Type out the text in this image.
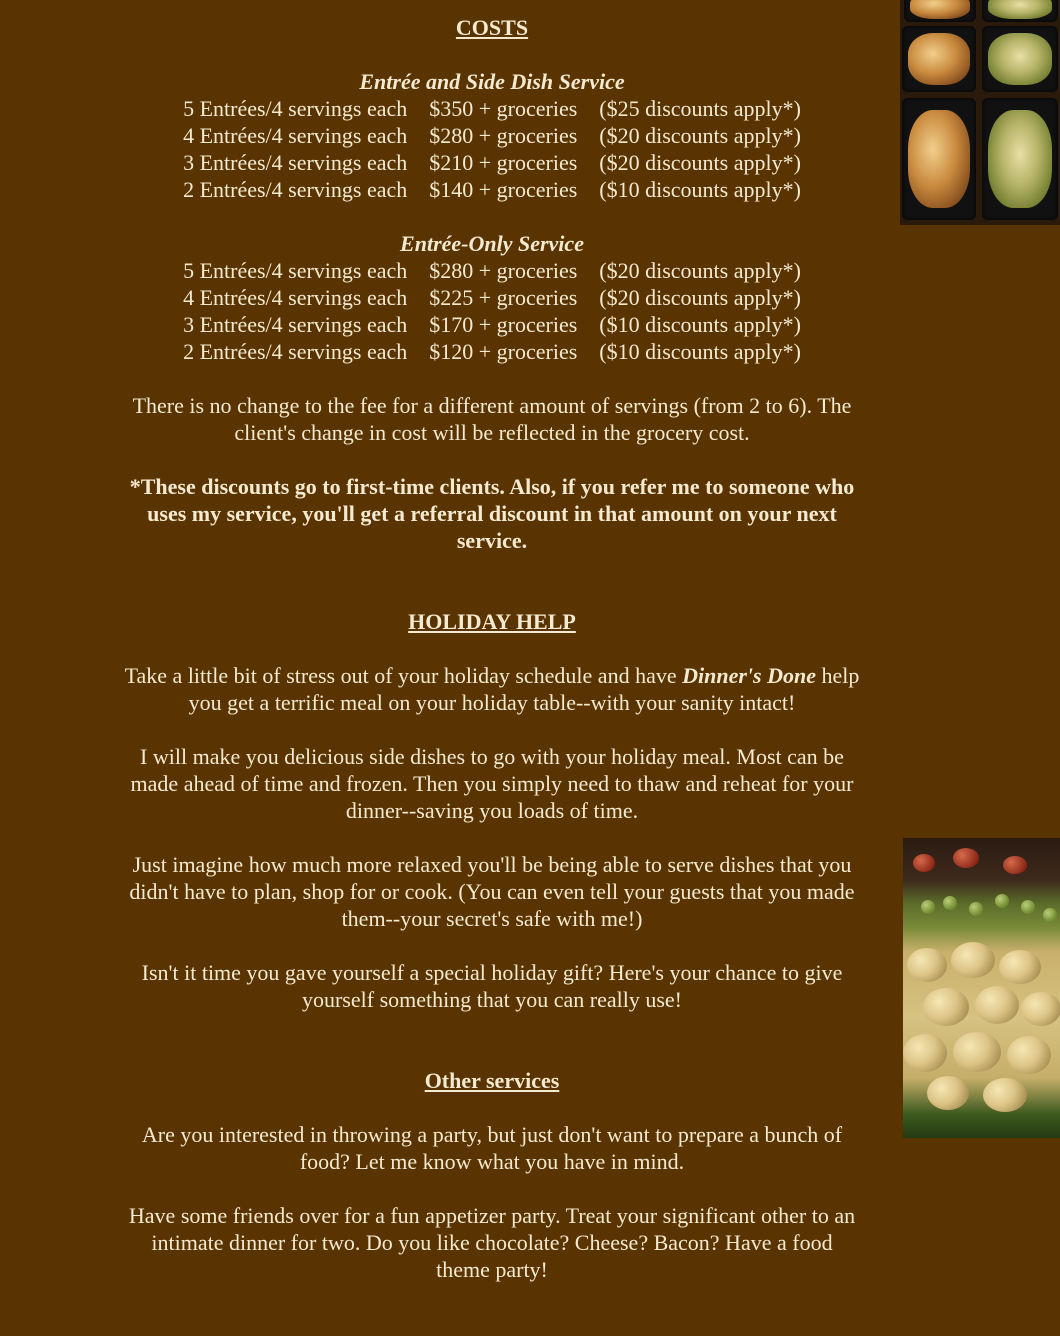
COSTS

Entrée and Side Dish Service

5 Entrées/4 servings each    $350 + groceries    ($25 discounts apply*)

4 Entrées/4 servings each    $280 + groceries    ($20 discounts apply*)

3 Entrées/4 servings each    $210 + groceries    ($20 discounts apply*)

2 Entrées/4 servings each    $140 + groceries    ($10 discounts apply*)

Entrée-Only Service

5 Entrées/4 servings each    $280 + groceries    ($20 discounts apply*)

4 Entrées/4 servings each    $225 + groceries    ($20 discounts apply*)

3 Entrées/4 servings each    $170 + groceries    ($10 discounts apply*)

2 Entrées/4 servings each    $120 + groceries    ($10 discounts apply*)

There is no change to the fee for a different amount of servings (from 2 to 6). The client's change in cost will be reflected in the grocery cost.

*These discounts go to first-time clients. Also, if you refer me to someone who uses my service, you'll get a referral discount in that amount on your next service.

HOLIDAY HELP

Take a little bit of stress out of your holiday schedule and have Dinner's Done help you get a terrific meal on your holiday table--with your sanity intact!

I will make you delicious side dishes to go with your holiday meal. Most can be made ahead of time and frozen. Then you simply need to thaw and reheat for your dinner--saving you loads of time.

Just imagine how much more relaxed you'll be being able to serve dishes that you didn't have to plan, shop for or cook. (You can even tell your guests that you made them--your secret's safe with me!)

Isn't it time you gave yourself a special holiday gift? Here's your chance to give yourself something that you can really use!

Other services

Are you interested in throwing a party, but just don't want to prepare a bunch of food? Let me know what you have in mind.

Have some friends over for a fun appetizer party. Treat your significant other to an intimate dinner for two. Do you like chocolate? Cheese? Bacon? Have a food theme party!
